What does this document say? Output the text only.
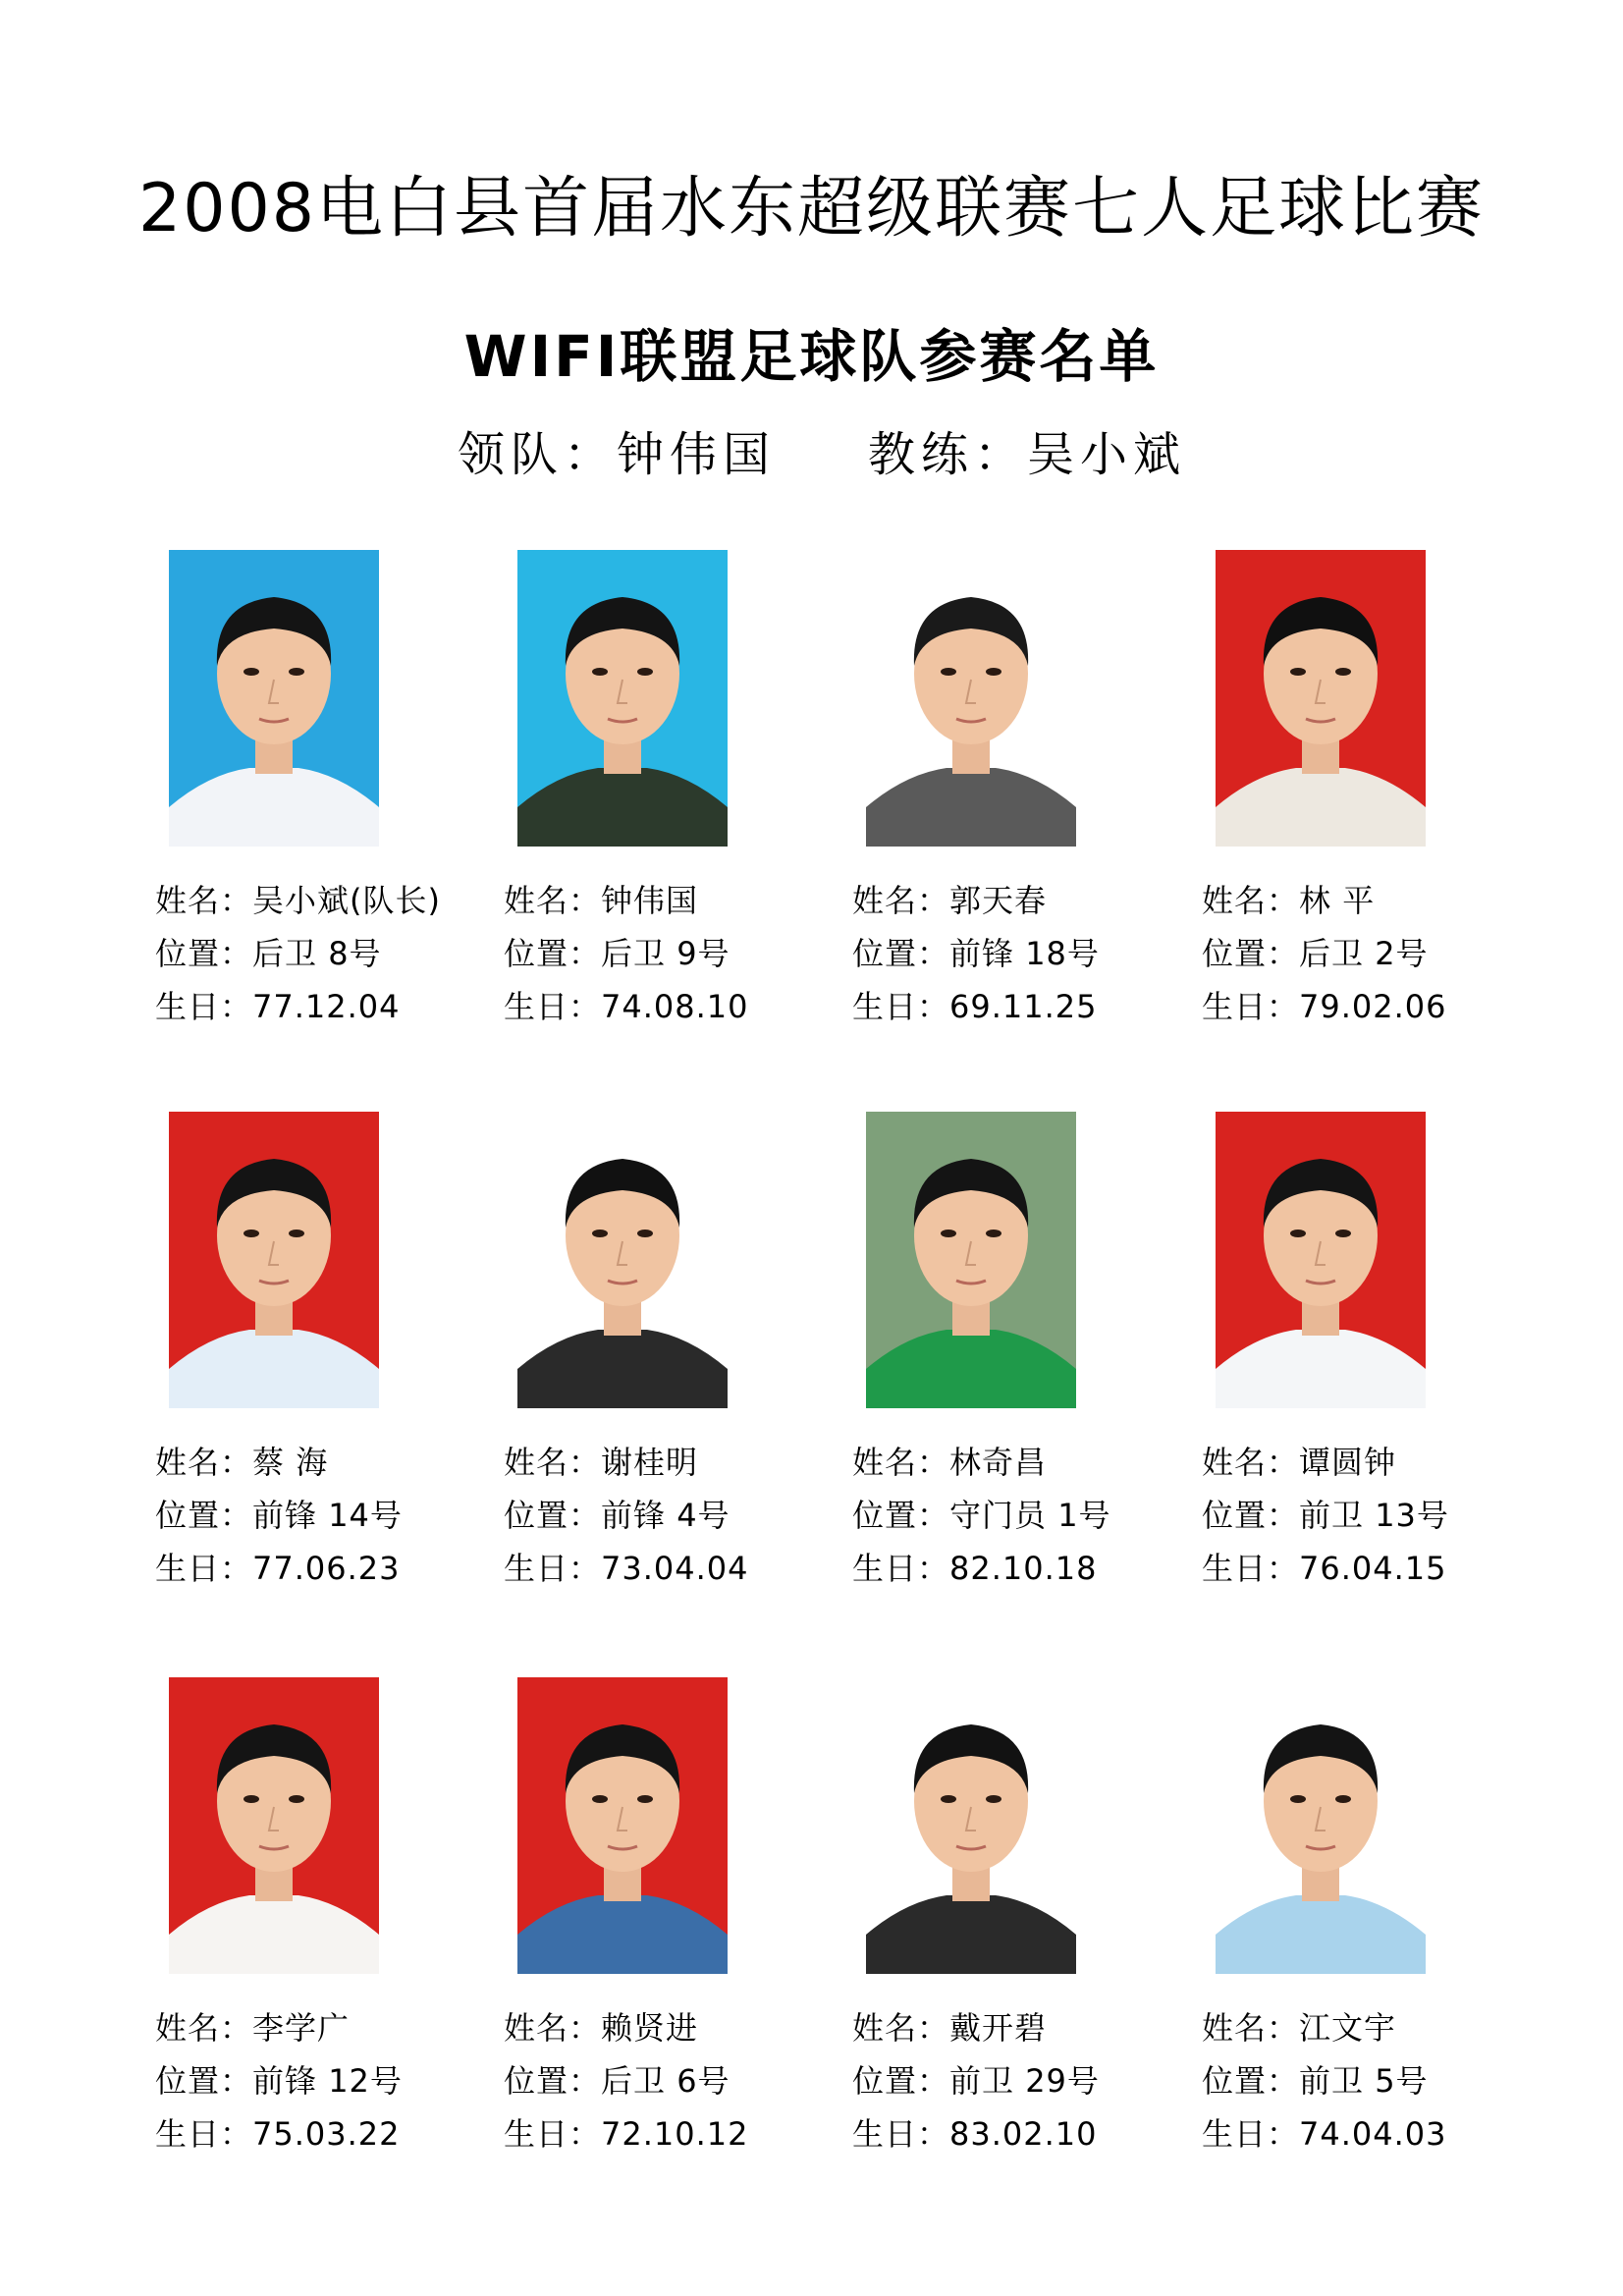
2008电白县首届水东超级联赛七人足球比赛
WIFI联盟足球队参赛名单
领队：钟伟国 教练：吴小斌
姓名：吴小斌(队长)
位置：后卫 8号
生日：77.12.04
姓名：钟伟国
位置：后卫 9号
生日：74.08.10
姓名：郭天春
位置：前锋 18号
生日：69.11.25
姓名：林 平
位置：后卫 2号
生日：79.02.06
姓名：蔡 海
位置：前锋 14号
生日：77.06.23
姓名：谢桂明
位置：前锋 4号
生日：73.04.04
姓名：林奇昌
位置：守门员 1号
生日：82.10.18
姓名：谭圆钟
位置：前卫 13号
生日：76.04.15
姓名：李学广
位置：前锋 12号
生日：75.03.22
姓名：赖贤进
位置：后卫 6号
生日：72.10.12
姓名：戴开碧
位置：前卫 29号
生日：83.02.10
姓名：江文宇
位置：前卫 5号
生日：74.04.03
